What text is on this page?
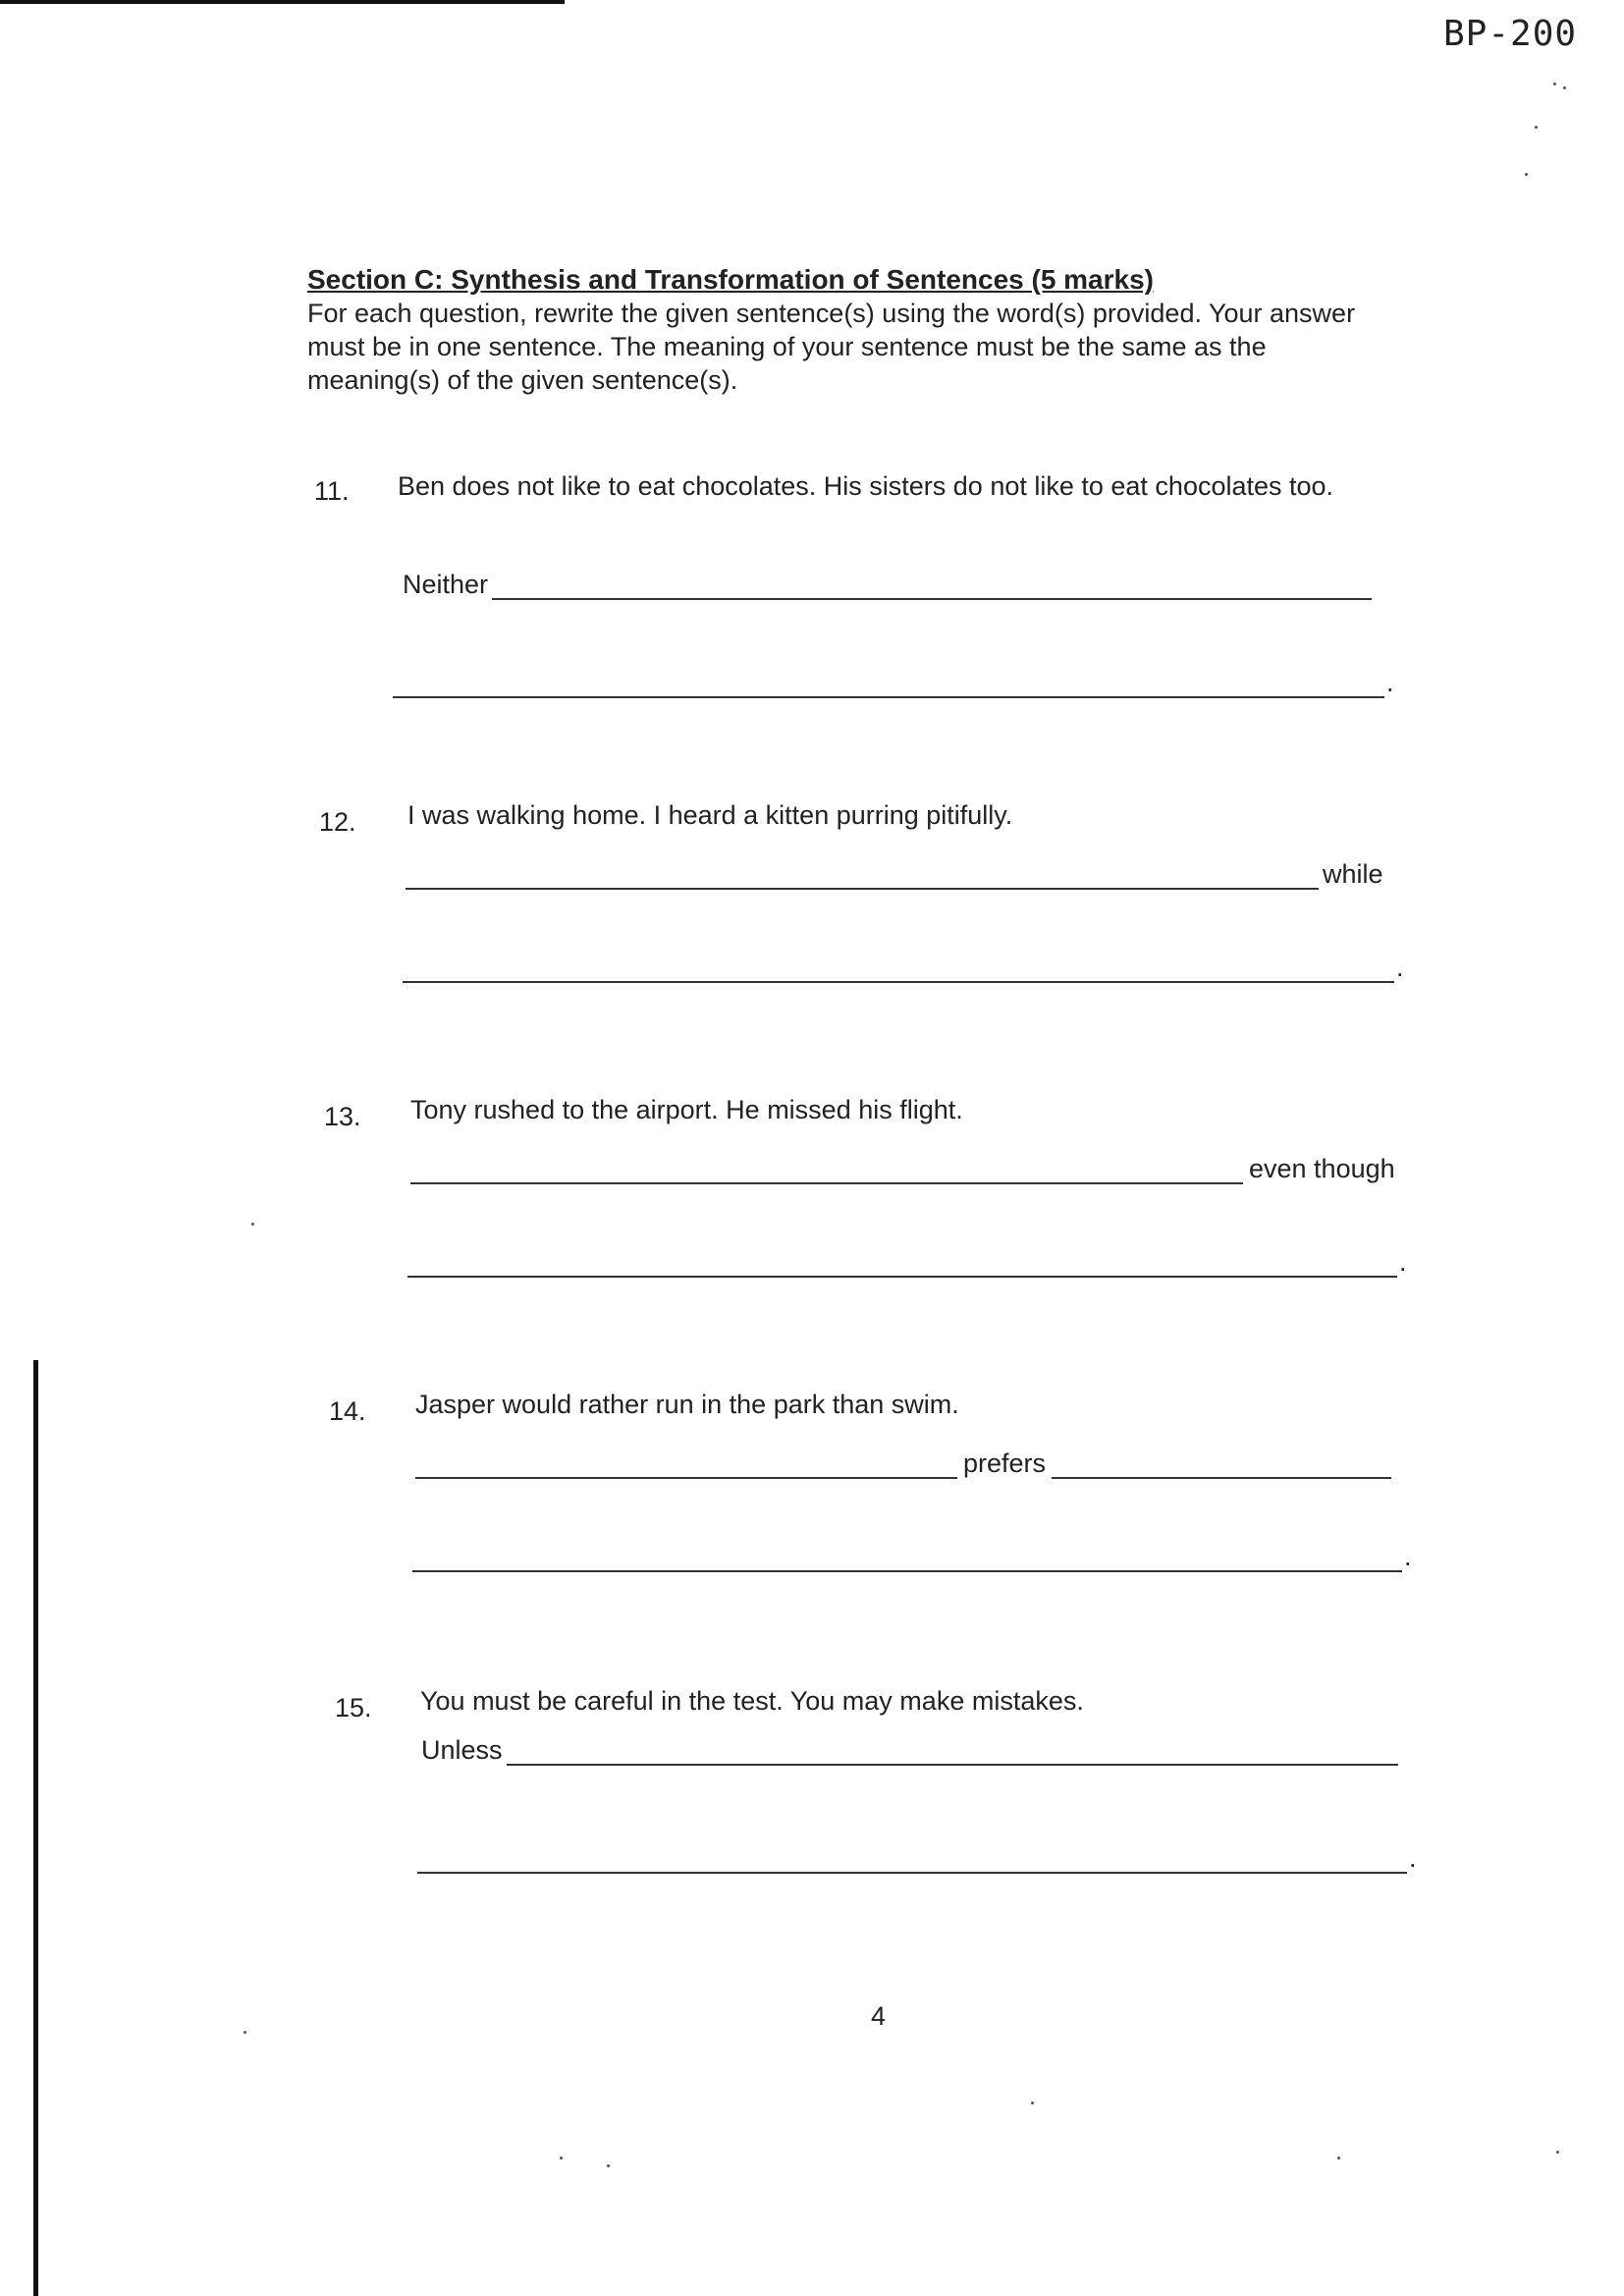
BP-200
Section C: Synthesis and Transformation of Sentences (5 marks)
For each question, rewrite the given sentence(s) using the word(s) provided. Your answer must be in one sentence. The meaning of your sentence must be the same as the meaning(s) of the given sentence(s).
11. Ben does not like to eat chocolates. His sisters do not like to eat chocolates too.
Neither
.
12. I was walking home. I heard a kitten purring pitifully.
while
.
13. Tony rushed to the airport. He missed his flight.
even though
.
14. Jasper would rather run in the park than swim.
prefers
.
15. You must be careful in the test. You may make mistakes.
Unless
.
4
